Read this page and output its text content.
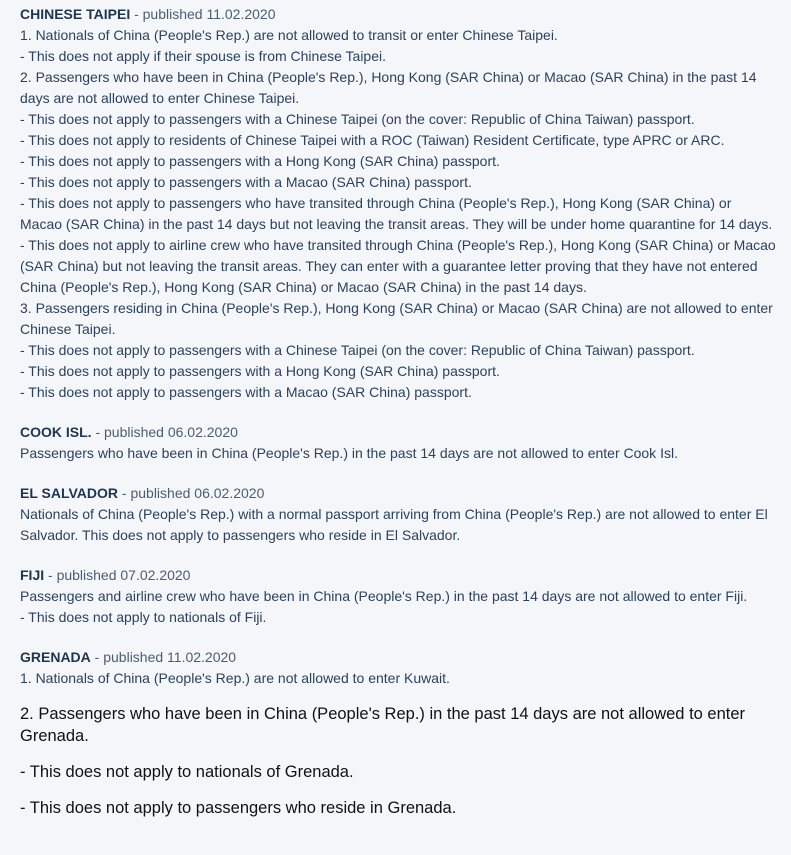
CHINESE TAIPEI - published 11.02.2020
1. Nationals of China (People's Rep.) are not allowed to transit or enter Chinese Taipei.
- This does not apply if their spouse is from Chinese Taipei.
2. Passengers who have been in China (People's Rep.), Hong Kong (SAR China) or Macao (SAR China) in the past 14 days are not allowed to enter Chinese Taipei.
- This does not apply to passengers with a Chinese Taipei (on the cover: Republic of China Taiwan) passport.
- This does not apply to residents of Chinese Taipei with a ROC (Taiwan) Resident Certificate, type APRC or ARC.
- This does not apply to passengers with a Hong Kong (SAR China) passport.
- This does not apply to passengers with a Macao (SAR China) passport.
- This does not apply to passengers who have transited through China (People's Rep.), Hong Kong (SAR China) or Macao (SAR China) in the past 14 days but not leaving the transit areas. They will be under home quarantine for 14 days.
- This does not apply to airline crew who have transited through China (People's Rep.), Hong Kong (SAR China) or Macao (SAR China) but not leaving the transit areas. They can enter with a guarantee letter proving that they have not entered China (People's Rep.), Hong Kong (SAR China) or Macao (SAR China) in the past 14 days.
3. Passengers residing in China (People's Rep.), Hong Kong (SAR China) or Macao (SAR China) are not allowed to enter Chinese Taipei.
- This does not apply to passengers with a Chinese Taipei (on the cover: Republic of China Taiwan) passport.
- This does not apply to passengers with a Hong Kong (SAR China) passport.
- This does not apply to passengers with a Macao (SAR China) passport.
COOK ISL. - published 06.02.2020
Passengers who have been in China (People's Rep.) in the past 14 days are not allowed to enter Cook Isl.
EL SALVADOR - published 06.02.2020
Nationals of China (People's Rep.) with a normal passport arriving from China (People's Rep.) are not allowed to enter El Salvador. This does not apply to passengers who reside in El Salvador.
FIJI - published 07.02.2020
Passengers and airline crew who have been in China (People's Rep.) in the past 14 days are not allowed to enter Fiji.
- This does not apply to nationals of Fiji.
GRENADA - published 11.02.2020
1. Nationals of China (People's Rep.) are not allowed to enter Kuwait.
2. Passengers who have been in China (People's Rep.) in the past 14 days are not allowed to enter Grenada.
- This does not apply to nationals of Grenada.
- This does not apply to passengers who reside in Grenada.
